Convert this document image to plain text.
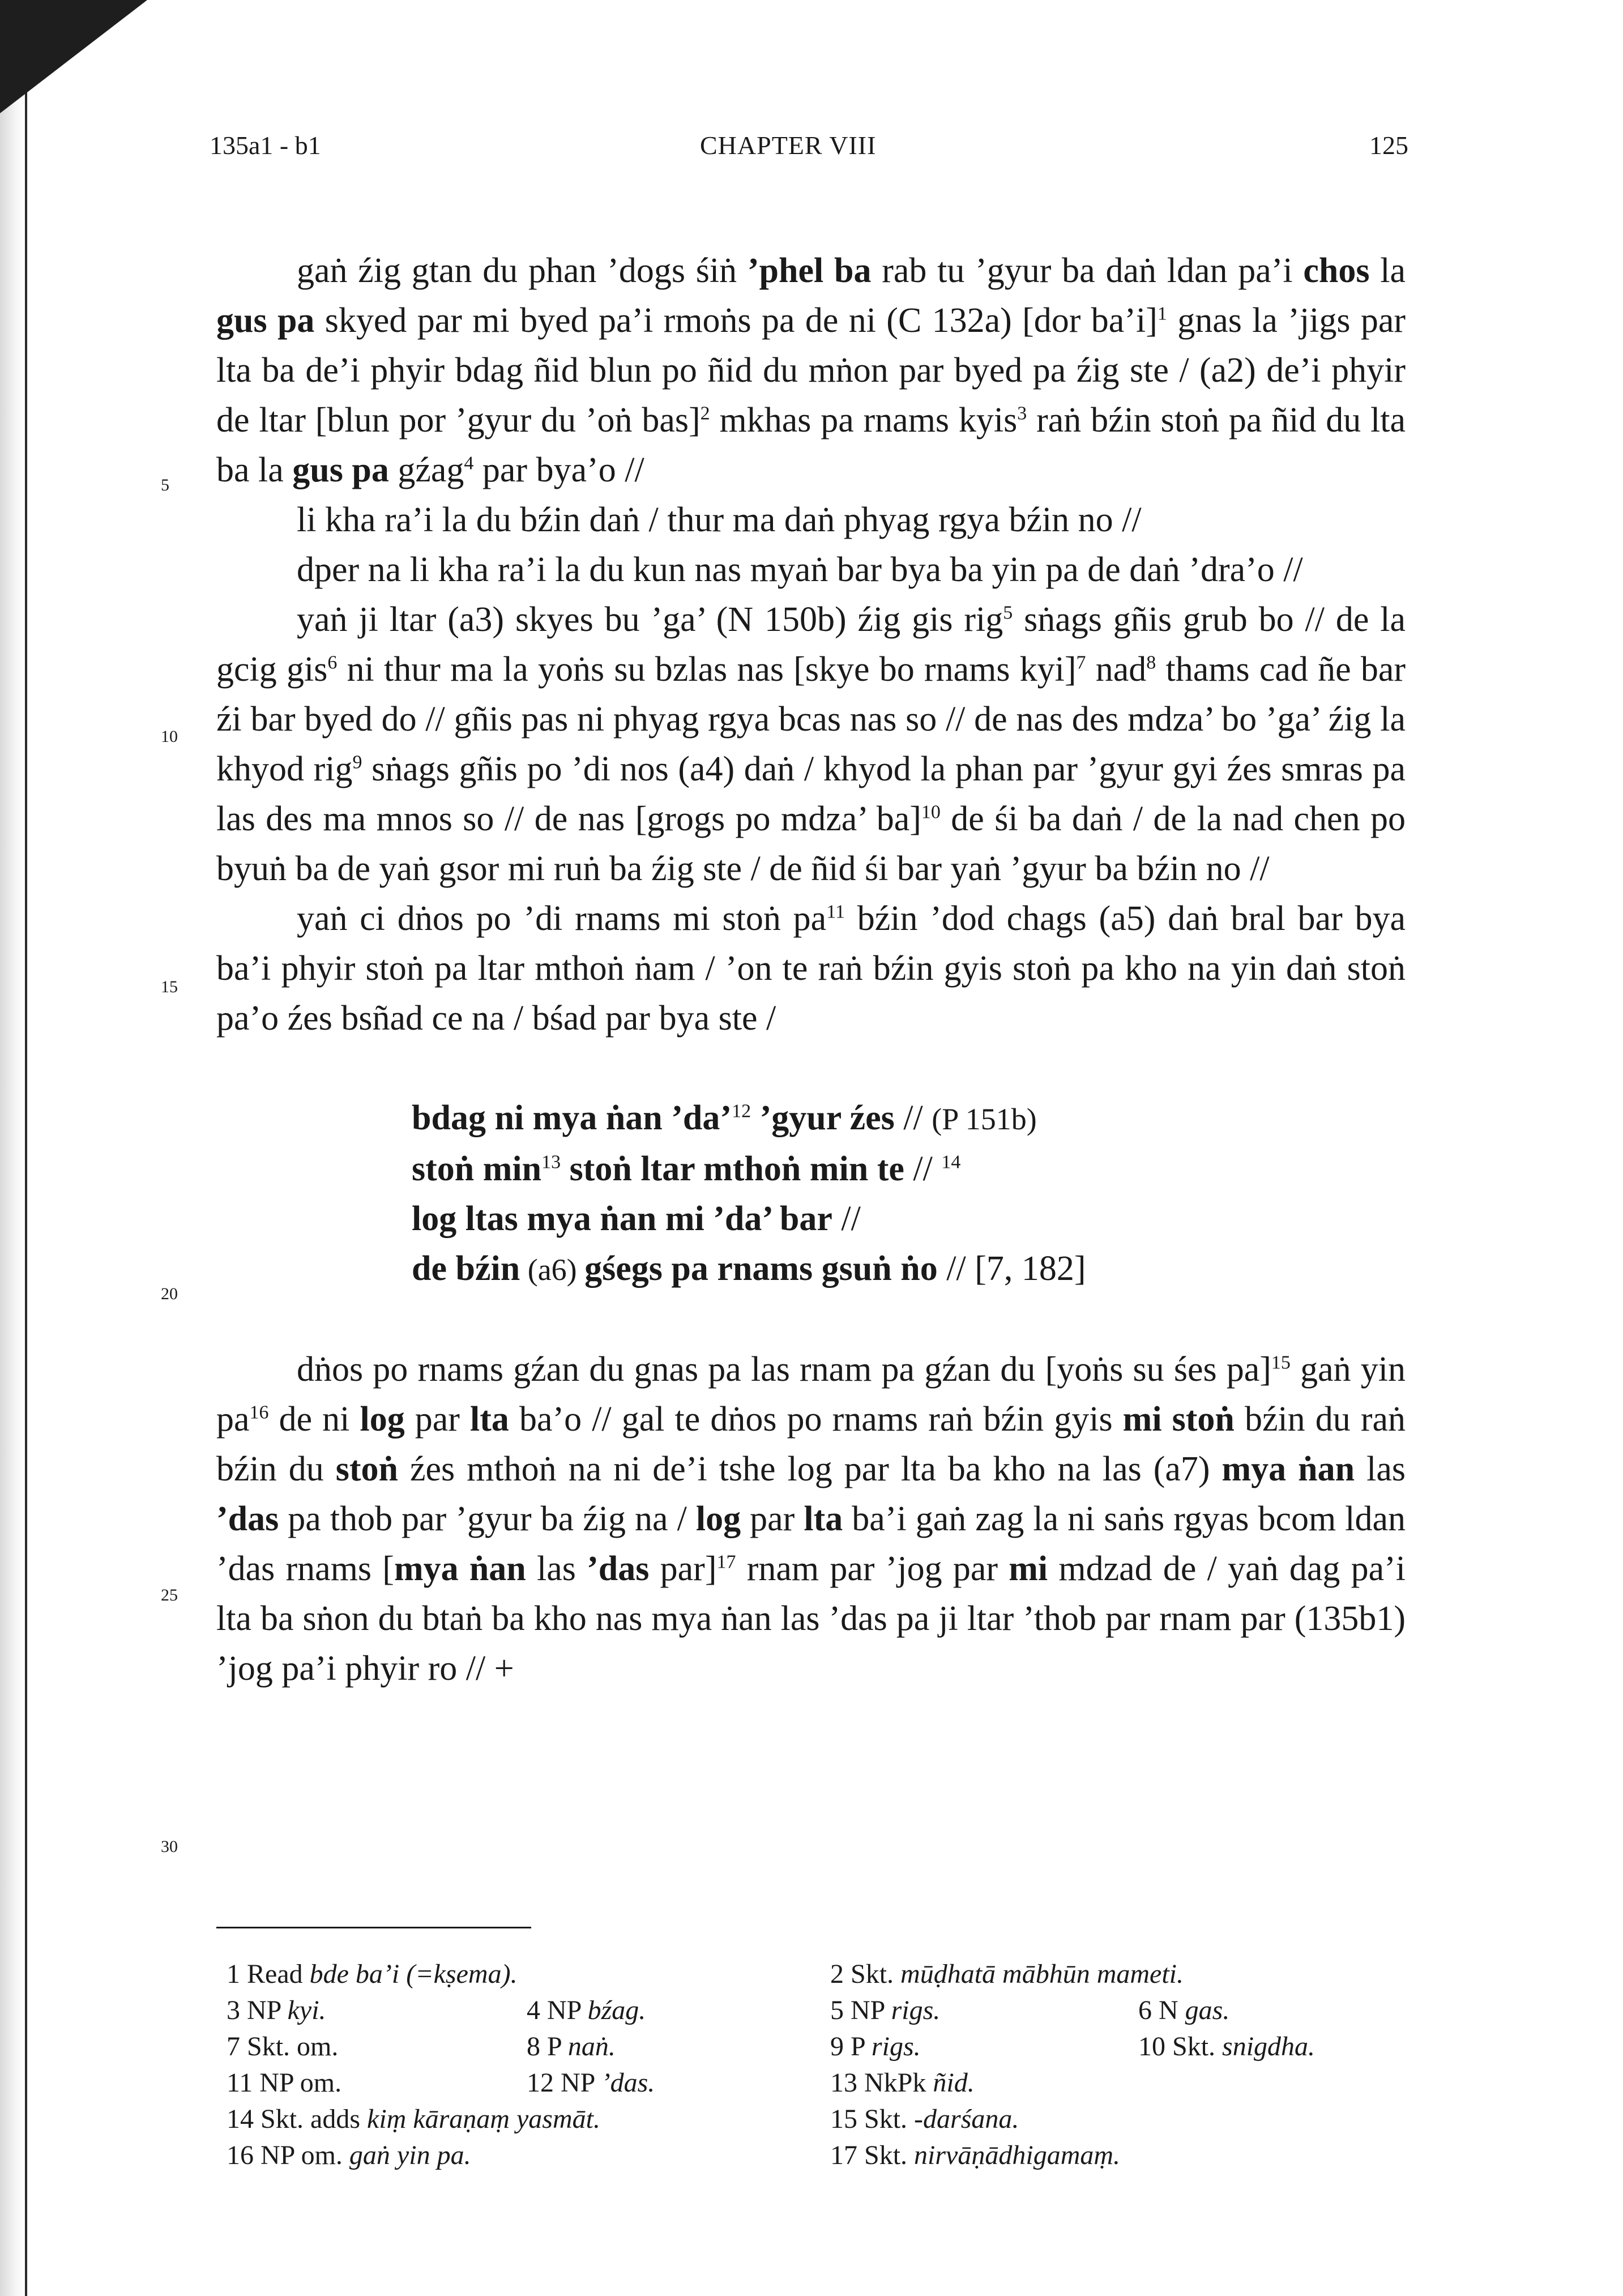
135a1 - b1	CHAPTER VIII	125
5
10
15
20
25
30

gaṅ źig gtan du phan ’dogs śiṅ ’phel ba rab tu ’gyur ba daṅ ldan pa’i chos la gus pa skyed par mi byed pa’i rmoṅs pa de ni (C 132a) [dor ba’i]$^1$ gnas la ’jigs par lta ba de’i phyir bdag ñid blun po ñid du mṅon par byed pa źig ste / (a2) de’i phyir de ltar [blun por ’gyur du ’oṅ bas]$^2$ mkhas pa rnams kyis$^3$ raṅ bźin stoṅ pa ñid du lta ba la gus pa gźag$^4$ par bya’o //

li kha ra’i la du bźin daṅ / thur ma daṅ phyag rgya bźin no //

dper na li kha ra’i la du kun nas myaṅ bar bya ba yin pa de daṅ ’dra’o //

yaṅ ji ltar (a3) skyes bu ’ga’ (N 150b) źig gis rig$^5$ sṅags gñis grub bo // de la gcig gis$^6$ ni thur ma la yoṅs su bzlas nas [skye bo rnams kyi]$^7$ nad$^8$ thams cad ñe bar źi bar byed do // gñis pas ni phyag rgya bcas nas so // de nas des mdza’ bo ’ga’ źig la khyod rig$^9$ sṅags gñis po ’di nos (a4) daṅ / khyod la phan par ’gyur gyi źes smras pa las des ma mnos so // de nas [grogs po mdza’ ba]$^{10}$ de śi ba daṅ / de la nad chen po byuṅ ba de yaṅ gsor mi ruṅ ba źig ste / de ñid śi bar yaṅ ’gyur ba bźin no //

yaṅ ci dṅos po ’di rnams mi stoṅ $pa^{11}$ bźin ’dod chags (a5) daṅ bral bar bya ba’i phyir stoṅ pa ltar mthoṅ ṅam / ’on te raṅ bźin gyis stoṅ pa kho na yin daṅ stoṅ pa’o źes bsñad ce na / bśad par bya ste /

bdag ni mya ṅan ’da’$^{12}$ ’gyur źes // (P 151b)
stoṅ $\min^{13}$ stoṅ ltar mthoṅ min te // $^{14}$
log ltas mya ṅan mi ’da’ bar //
de bźin (a6) gśegs pa rnams gsuṅ ṅo // [7, 182]

dṅos po rnams gźan du gnas pa las rnam pa gźan du [yoṅs su śes pa]$^{15}$ gaṅ yin $pa^{16}$ de ni log par lta ba’o // gal te dṅos po rnams raṅ bźin gyis mi stoṅ bźin du raṅ bźin du stoṅ źes mthoṅ na ni de’i tshe log par lta ba kho na las (a7) mya ṅan las ’das pa thob par ’gyur ba źig na / log par lta ba’i gaṅ zag la ni saṅs rgyas bcom ldan ’das rnams [mya ṅan las ’das par]$^{17}$ rnam par ’jog par mi mdzad de / yaṅ dag pa’i lta ba sṅon du btaṅ ba kho nas mya ṅan las ’das pa ji ltar ’thob par rnam par (135b1) ’jog pa’i phyir ro // +

1 Read bde ba’i (=kṣema).	2 Skt. mūḍhatā mābhūn mameti.
3 NP kyi.	4 NP bźag.	5 NP rigs.	6 N gas.
7 Skt. om.	8 P naṅ.	9 P rigs.	10 Skt. snigdha.
11 NP om.	12 NP ’das.	13 NkPk ñid.
14 Skt. adds kiṃ kāraṇaṃ yasmāt.	15 Skt. -darśana.
16 NP om. gaṅ yin pa.	17 Skt. nirvāṇādhigamaṃ.
